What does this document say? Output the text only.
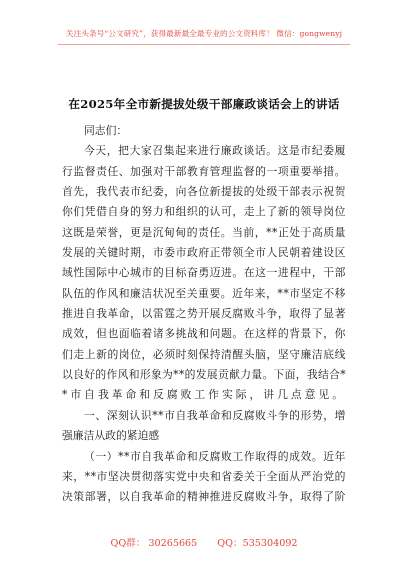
关注头条号“公文研究”，获得最新最全最专业的公文资料库！ 微信：gongwenyj
在2025年全市新提拔处级干部廉政谈话会上的讲话
同志们：
今天，把大家召集起来进行廉政谈话。这是市纪委履
行监督责任、加强对干部教育管理监督的一项重要举措。
首先，我代表市纪委，向各位新提拔的处级干部表示祝贺
你们凭借自身的努力和组织的认可，走上了新的领导岗位
这既是荣誉，更是沉甸甸的责任。当前，**正处于高质量
发展的关键时期，市委市政府正带领全市人民朝着建设区
域性国际中心城市的目标奋勇迈进。在这一进程中，干部
队伍的作风和廉洁状况至关重要。近年来，**市坚定不移
推进自我革命，以雷霆之势开展反腐败斗争，取得了显著
成效，但也面临着诸多挑战和问题。在这样的背景下，你
们走上新的岗位，必须时刻保持清醒头脑，坚守廉洁底线
以良好的作风和形象为**的发展贡献力量。下面，我结合*
*市自我革命和反腐败工作实际，讲几点意见。
一、深刻认识**市自我革命和反腐败斗争的形势，增
强廉洁从政的紧迫感
（一）**市自我革命和反腐败工作取得的成效。近年
来，**市坚决贯彻落实党中央和省委关于全面从严治党的
决策部署，以自我革命的精神推进反腐败斗争，取得了阶
QQ群： 30265665 QQ：535304092
